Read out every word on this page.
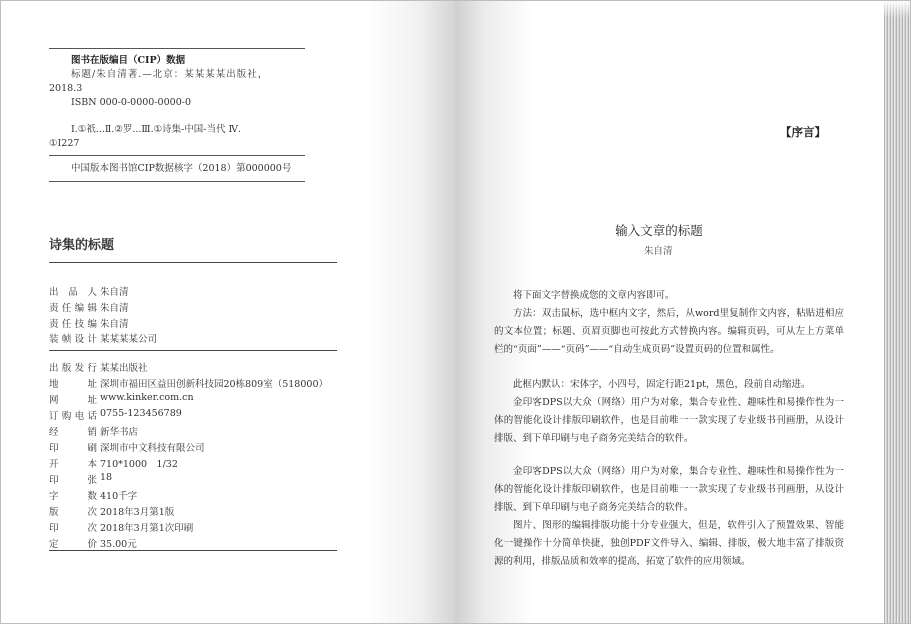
图书在版编目（CIP）数据
标题/朱自清著.—北京：某某某某出版社，
2018.3
ISBN 000-0-0000-0000-0
Ⅰ.①祇...Ⅱ.②罗...Ⅲ.①诗集-中国-当代 Ⅳ.
①I227
中国版本图书馆CIP数据核字（2018）第000000号
诗集的标题
出品人 朱自清
责任编辑 朱自清
责任技编 朱自清
装帧设计 某某某某公司
出版发行 某某出版社
地址 深圳市福田区益田创新科技园20栋809室（518000）
网址 www.kinker.com.cn
订购电话 0755-123456789
经销 新华书店
印刷 深圳市中文科技有限公司
开本 710*1000　1/32
印张 18
字数 410千字
版次 2018年3月第1版
印次 2018年3月第1次印刷
定价 35.00元
【序言】
输入文章的标题
朱自清

将下面文字替换成您的文章内容即可。

方法：双击鼠标，选中框内文字，然后，从word里复制作文内容，粘贴进相应的文本位置；标题、页眉页脚也可按此方式替换内容。编辑页码，可从左上方菜单栏的“页面”——“页码”——“自动生成页码”设置页码的位置和属性。

此框内默认：宋体字，小四号，固定行距21pt，黑色，段前自动缩进。

金印客DPS以大众（网络）用户为对象，集合专业性、趣味性和易操作性为一体的智能化设计排版印刷软件，也是目前唯一一款实现了专业级书刊画册，从设计排版、到下单印刷与电子商务完美结合的软件。

金印客DPS以大众（网络）用户为对象，集合专业性、趣味性和易操作性为一体的智能化设计排版印刷软件，也是目前唯一一款实现了专业级书刊画册，从设计排版、到下单印刷与电子商务完美结合的软件。

图片、图形的编辑排版功能十分专业强大，但是，软件引入了预置效果、智能化一键操作十分简单快捷，独创PDF文件导入、编辑、排版，极大地丰富了排版资源的利用，排版品质和效率的提高，拓宽了软件的应用领域。
